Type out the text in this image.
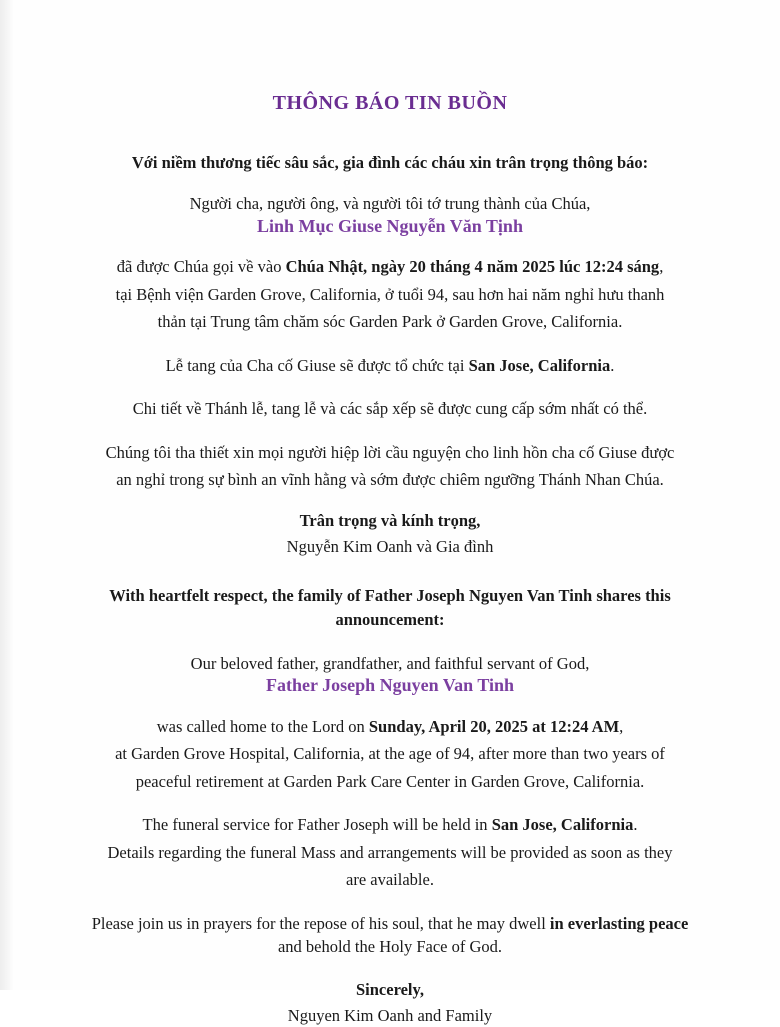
THÔNG BÁO TIN BUỒN

Với niềm thương tiếc sâu sắc, gia đình các cháu xin trân trọng thông báo:

Người cha, người ông, và người tôi tớ trung thành của Chúa,

Linh Mục Giuse Nguyễn Văn Tịnh

đã được Chúa gọi về vào Chúa Nhật, ngày 20 tháng 4 năm 2025 lúc 12:24 sáng,

tại Bệnh viện Garden Grove, California, ở tuổi 94, sau hơn hai năm nghỉ hưu thanh

thản tại Trung tâm chăm sóc Garden Park ở Garden Grove, California.

Lễ tang của Cha cố Giuse sẽ được tổ chức tại San Jose, California.

Chi tiết về Thánh lễ, tang lễ và các sắp xếp sẽ được cung cấp sớm nhất có thể.

Chúng tôi tha thiết xin mọi người hiệp lời cầu nguyện cho linh hồn cha cố Giuse được

an nghỉ trong sự bình an vĩnh hằng và sớm được chiêm ngưỡng Thánh Nhan Chúa.

Trân trọng và kính trọng,

Nguyễn Kim Oanh và Gia đình

With heartfelt respect, the family of Father Joseph Nguyen Van Tinh shares this announcement:

Our beloved father, grandfather, and faithful servant of God,

Father Joseph Nguyen Van Tinh

was called home to the Lord on Sunday, April 20, 2025 at 12:24 AM,

at Garden Grove Hospital, California, at the age of 94, after more than two years of

peaceful retirement at Garden Park Care Center in Garden Grove, California.

The funeral service for Father Joseph will be held in San Jose, California.

Details regarding the funeral Mass and arrangements will be provided as soon as they

are available.

Please join us in prayers for the repose of his soul, that he may dwell in everlasting peace and behold the Holy Face of God.

Sincerely,

Nguyen Kim Oanh and Family
